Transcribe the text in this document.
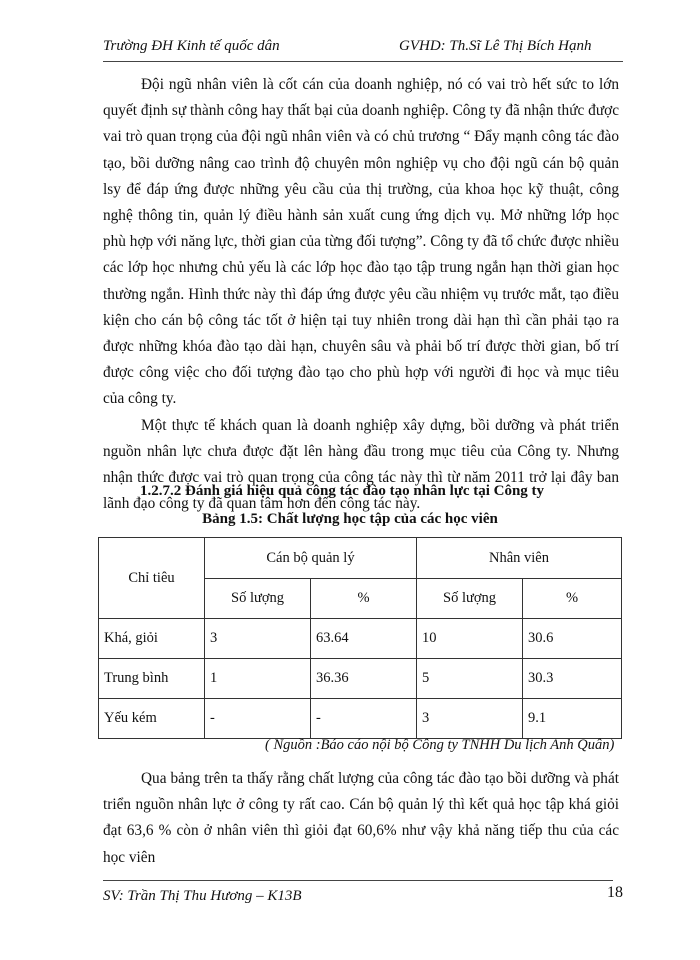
Trường ĐH Kinh tế quốc dân	GVHD: Th.Sĩ Lê Thị Bích Hạnh

Đội ngũ nhân viên là cốt cán của doanh nghiệp, nó có vai trò hết sức to lớn quyết định sự thành công hay thất bại của doanh nghiệp. Công ty đã nhận thức được vai trò quan trọng của đội ngũ nhân viên và có chủ trương “ Đẩy mạnh công tác đào tạo, bồi dưỡng nâng cao trình độ chuyên môn nghiệp vụ cho đội ngũ cán bộ quản lsy để đáp ứng được những yêu cầu của thị trường, của khoa học kỹ thuật, công nghệ thông tin, quản lý điều hành sản xuất cung ứng dịch vụ. Mở những lớp học phù hợp với năng lực, thời gian của từng đối tượng”. Công ty đã tổ chức được nhiều các lớp học nhưng chủ yếu là các lớp học đào tạo tập trung ngắn hạn thời gian học thường ngắn. Hình thức này thì đáp ứng được yêu cầu nhiệm vụ trước mắt, tạo điều kiện cho cán bộ công tác tốt ở hiện tại tuy nhiên trong dài hạn thì cần phải tạo ra được những khóa đào tạo dài hạn, chuyên sâu và phải bố trí được thời gian, bố trí được công việc cho đối tượng đào tạo cho phù hợp với người đi học và mục tiêu của công ty.

Một thực tế khách quan là doanh nghiệp xây dựng, bồi dưỡng và phát triển nguồn nhân lực chưa được đặt lên hàng đầu trong mục tiêu của Công ty. Nhưng nhận thức được vai trò quan trọng của công tác này thì từ năm 2011 trở lại đây ban lãnh đạo công ty đã quan tâm hơn đến công tác này.

1.2.7.2 Đánh giá hiệu quả công tác đào tạo nhân lực tại Công ty
Bảng 1.5: Chất lượng học tập của các học viên
Chỉ tiêu	Cán bộ quản lý		Nhân viên	
	Số lượng	%	Số lượng	%
Khá, giỏi	3	63.64	10	30.6
Trung bình	1	36.36	5	30.3
Yếu kém	-	-	3	9.1
( Nguồn :Báo cáo nội bộ Công ty TNHH Du lịch Anh Quân)

Qua bảng trên ta thấy rằng chất lượng của công tác đào tạo bồi dưỡng và phát triển nguồn nhân lực ở công ty rất cao. Cán bộ quản lý thì kết quả học tập khá giỏi đạt 63,6 % còn ở nhân viên thì giỏi đạt 60,6% như vậy khả năng tiếp thu của các học viên

SV: Trần Thị Thu Hương – K13B	18
